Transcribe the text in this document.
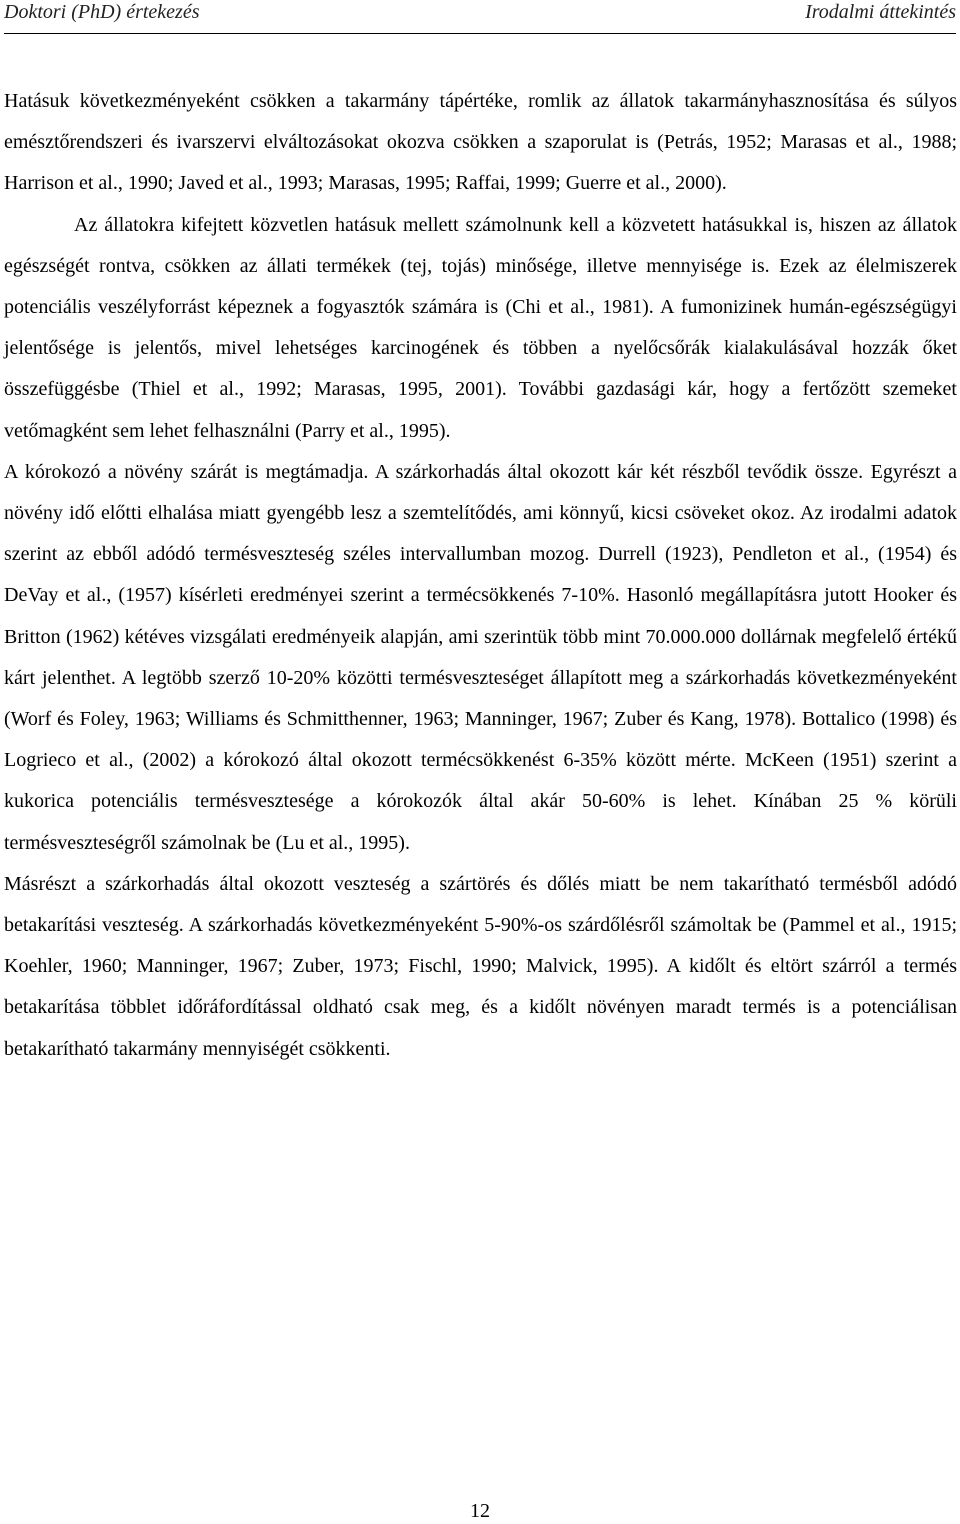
Doktori (PhD) értekezés	Irodalmi áttekintés

Hatásuk következményeként csökken a takarmány tápértéke, romlik az állatok takarmányhasznosítása és súlyos emésztőrendszeri és ivarszervi elváltozásokat okozva csökken a szaporulat is (Petrás, 1952; Marasas et al., 1988; Harrison et al., 1990; Javed et al., 1993; Marasas, 1995; Raffai, 1999; Guerre et al., 2000).

Az állatokra kifejtett közvetlen hatásuk mellett számolnunk kell a közvetett hatásukkal is, hiszen az állatok egészségét rontva, csökken az állati termékek (tej, tojás) minősége, illetve mennyisége is. Ezek az élelmiszerek potenciális veszélyforrást képeznek a fogyasztók számára is (Chi et al., 1981). A fumonizinek humán-egészségügyi jelentősége is jelentős, mivel lehetséges karcinogének és többen a nyelőcsőrák kialakulásával hozzák őket összefüggésbe (Thiel et al., 1992; Marasas, 1995, 2001). További gazdasági kár, hogy a fertőzött szemeket vetőmagként sem lehet felhasználni (Parry et al., 1995).

A kórokozó a növény szárát is megtámadja. A szárkorhadás által okozott kár két részből tevődik össze. Egyrészt a növény idő előtti elhalása miatt gyengébb lesz a szemtelítődés, ami könnyű, kicsi csöveket okoz. Az irodalmi adatok szerint az ebből adódó termésveszteség széles intervallumban mozog. Durrell (1923), Pendleton et al., (1954) és DeVay et al., (1957) kísérleti eredményei szerint a termécsökkenés 7-10%. Hasonló megállapításra jutott Hooker és Britton (1962) kétéves vizsgálati eredményeik alapján, ami szerintük több mint 70.000.000 dollárnak megfelelő értékű kárt jelenthet. A legtöbb szerző 10-20% közötti termésveszteséget állapított meg a szárkorhadás következményeként (Worf és Foley, 1963; Williams és Schmitthenner, 1963; Manninger, 1967; Zuber és Kang, 1978). Bottalico (1998) és Logrieco et al., (2002) a kórokozó által okozott termécsökkenést 6-35% között mérte. McKeen (1951) szerint a kukorica potenciális termésvesztesége a kórokozók által akár 50-60% is lehet. Kínában 25 % körüli termésveszteségről számolnak be (Lu et al., 1995).

Másrészt a szárkorhadás által okozott veszteség a szártörés és dőlés miatt be nem takarítható termésből adódó betakarítási veszteség. A szárkorhadás következményeként 5-90%-os szárdőlésről számoltak be (Pammel et al., 1915; Koehler, 1960; Manninger, 1967; Zuber, 1973; Fischl, 1990; Malvick, 1995). A kidőlt és eltört szárról a termés betakarítása többlet időráfordítással oldható csak meg, és a kidőlt növényen maradt termés is a potenciálisan betakarítható takarmány mennyiségét csökkenti.

12
